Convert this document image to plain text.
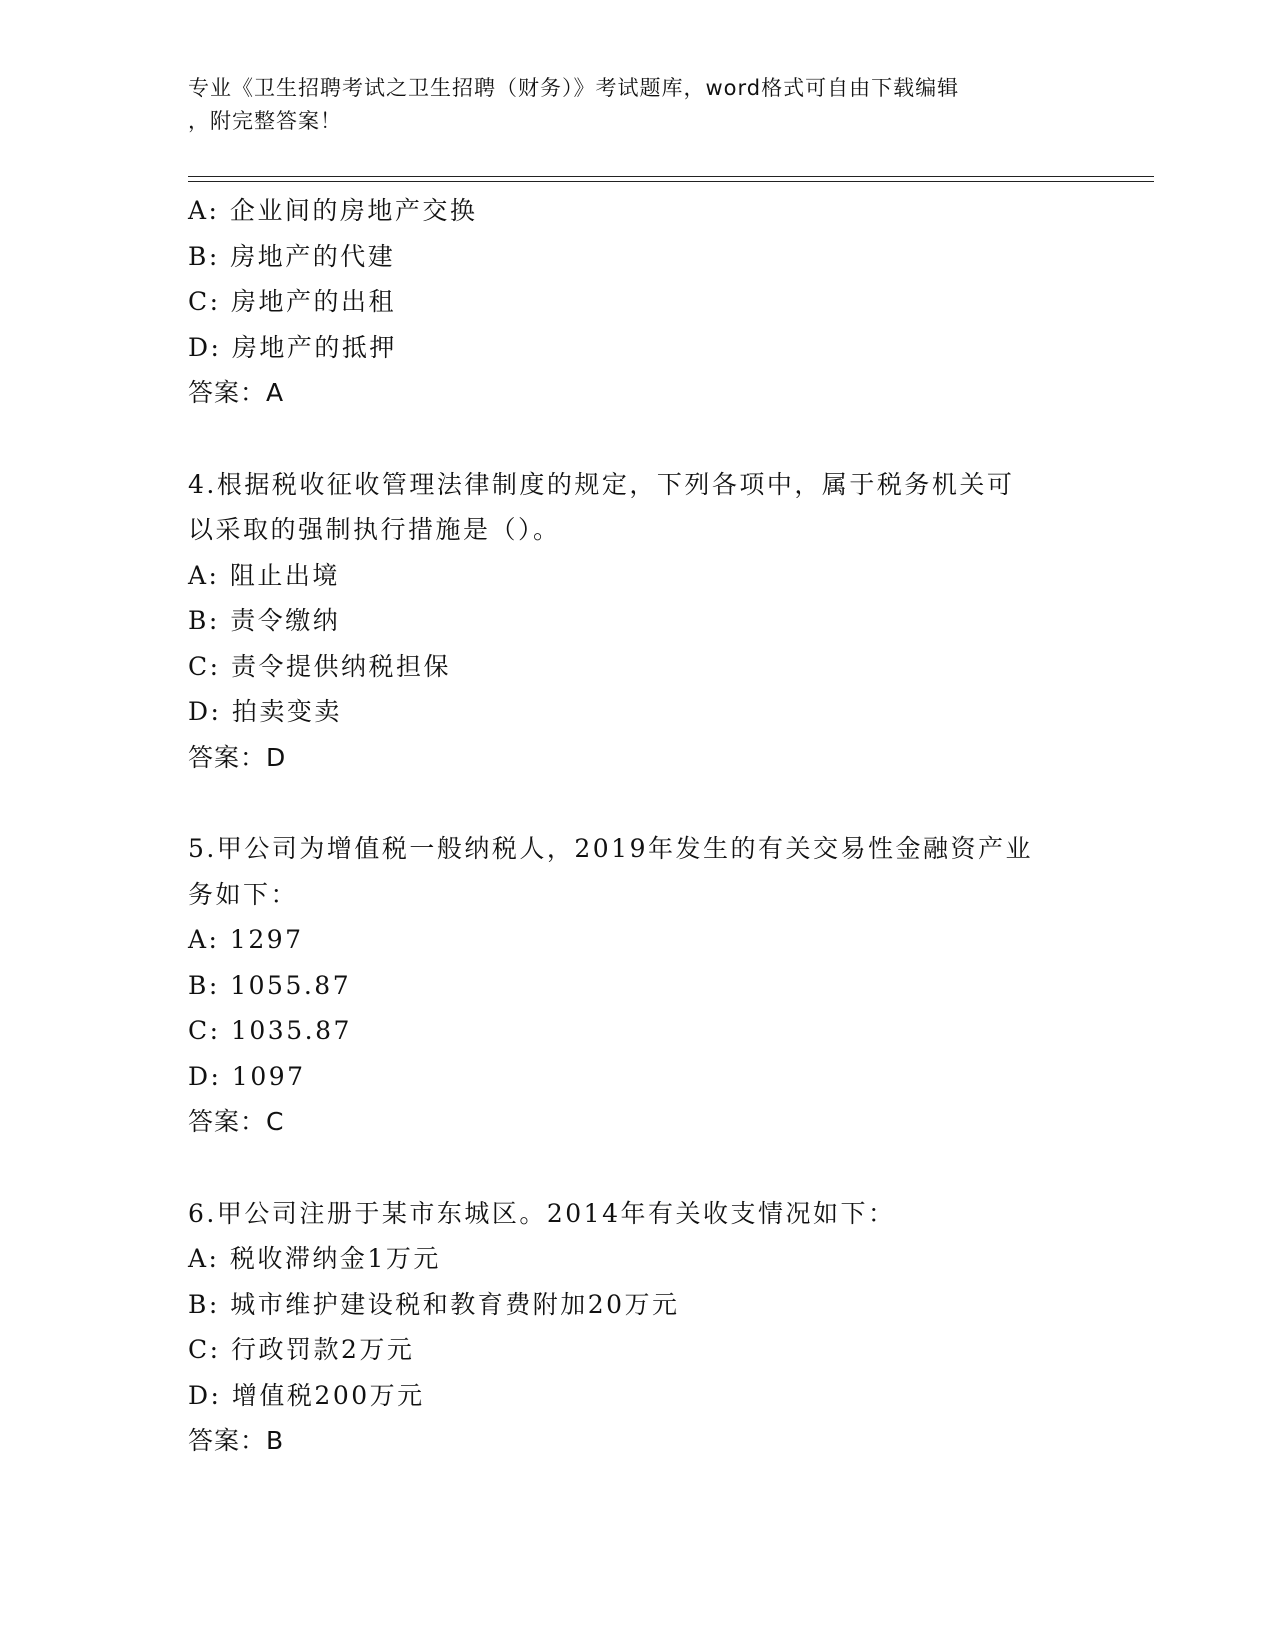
专业《卫生招聘考试之卫生招聘（财务）》考试题库，word格式可自由下载编辑
，附完整答案！
A: 企业间的房地产交换
B: 房地产的代建
C: 房地产的出租
D: 房地产的抵押
答案：A
4.根据税收征收管理法律制度的规定，下列各项中，属于税务机关可
以采取的强制执行措施是（）。
A: 阻止出境
B: 责令缴纳
C: 责令提供纳税担保
D: 拍卖变卖
答案：D
5.甲公司为增值税一般纳税人，2019年发生的有关交易性金融资产业
务如下：
A: 1297
B: 1055.87
C: 1035.87
D: 1097
答案：C
6.甲公司注册于某市东城区。2014年有关收支情况如下：
A: 税收滞纳金1万元
B: 城市维护建设税和教育费附加20万元
C: 行政罚款2万元
D: 增值税200万元
答案：B
